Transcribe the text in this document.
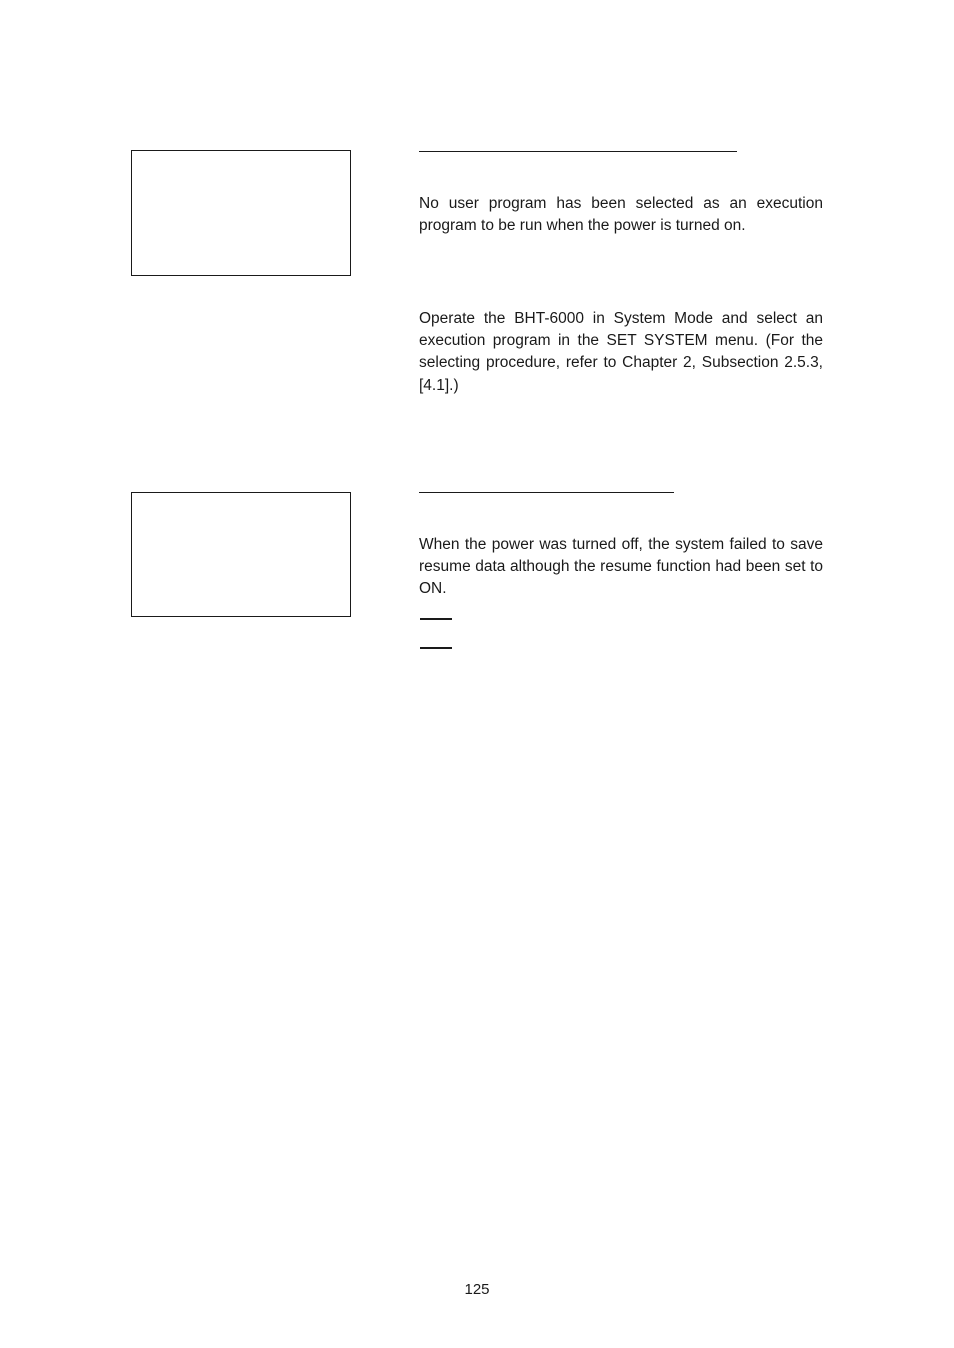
No user program has been selected as an execution program to be run when the power is turned on.

Operate the BHT-6000 in System Mode and select an execution program in the SET SYSTEM menu. (For the selecting procedure, refer to Chapter 2, Subsection 2.5.3, [4.1].)

When the power was turned off, the system failed to save resume data although the resume function had been set to ON.

125
